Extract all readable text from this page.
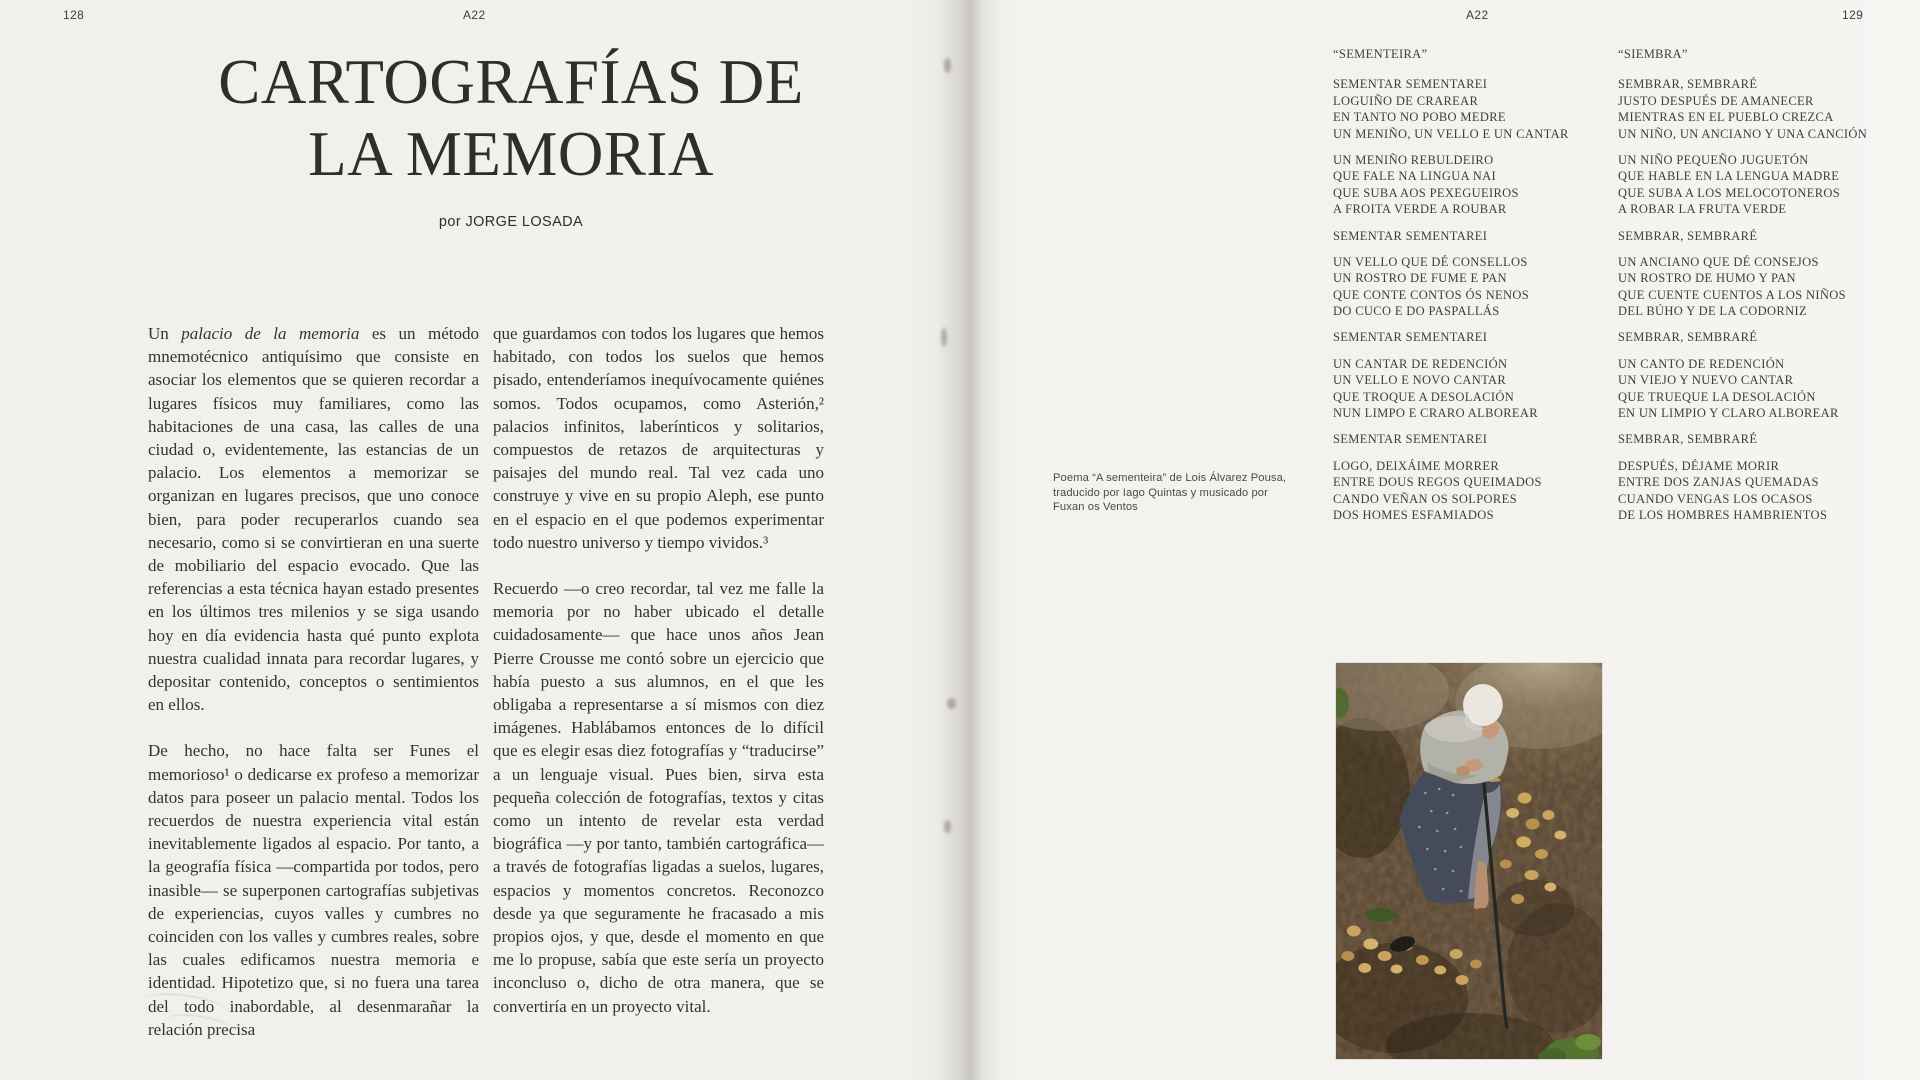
128	A22
CARTOGRAFÍAS DE
LA MEMORIA
por JORGE LOSADA

Un palacio de la memoria es un método mnemotécnico antiquísimo que consiste en asociar los elementos que se quieren recordar a lugares físicos muy familiares, como las habitaciones de una casa, las calles de una ciudad o, evidentemente, las estancias de un palacio. Los elementos a memorizar se organizan en lugares precisos, que uno conoce bien, para poder recuperarlos cuando sea necesario, como si se convirtieran en una suerte de mobiliario del espacio evocado. Que las referencias a esta técnica hayan estado presentes en los últimos tres milenios y se siga usando hoy en día evidencia hasta qué punto explota nuestra cualidad innata para recordar lugares, y depositar contenido, conceptos o sentimientos en ellos.

De hecho, no hace falta ser Funes el memorioso¹ o dedicarse ex profeso a memorizar datos para poseer un palacio mental. Todos los recuerdos de nuestra experiencia vital están inevitablemente ligados al espacio. Por tanto, a la geografía física —compartida por todos, pero inasible— se superponen cartografías subjetivas de experiencias, cuyos valles y cumbres no coinciden con los valles y cumbres reales, sobre las cuales edificamos nuestra memoria e identidad. Hipotetizo que, si no fuera una tarea del todo inabordable, al desenmarañar la relación precisa

que guardamos con todos los lugares que hemos habitado, con todos los suelos que hemos pisado, entenderíamos inequívocamente quiénes somos. Todos ocupamos, como Asterión,² palacios infinitos, laberínticos y solitarios, compuestos de retazos de arquitecturas y paisajes del mundo real. Tal vez cada uno construye y vive en su propio Aleph, ese punto en el espacio en el que podemos experimentar todo nuestro universo y tiempo vividos.³

Recuerdo —o creo recordar, tal vez me falle la memoria por no haber ubicado el detalle cuidadosamente— que hace unos años Jean Pierre Crousse me contó sobre un ejercicio que había puesto a sus alumnos, en el que les obligaba a representarse a sí mismos con diez imágenes. Hablábamos entonces de lo difícil que es elegir esas diez fotografías y “traducirse” a un lenguaje visual. Pues bien, sirva esta pequeña colección de fotografías, textos y citas como un intento de revelar esta verdad biográfica —y por tanto, también cartográfica— a través de fotografías ligadas a suelos, lugares, espacios y momentos concretos. Reconozco desde ya que seguramente he fracasado a mis propios ojos, y que, desde el momento en que me lo propuse, sabía que este sería un proyecto inconcluso o, dicho de otra manera, que se convertiría en un proyecto vital.

A22	129
“SEMENTEIRA”
SEMENTAR SEMENTAREI
LOGUIÑO DE CRAREAR
EN TANTO NO POBO MEDRE
UN MENIÑO, UN VELLO E UN CANTAR
UN MENIÑO REBULDEIRO
QUE FALE NA LINGUA NAI
QUE SUBA AOS PEXEGUEIROS
A FROITA VERDE A ROUBAR
SEMENTAR SEMENTAREI
UN VELLO QUE DÉ CONSELLOS
UN ROSTRO DE FUME E PAN
QUE CONTE CONTOS ÓS NENOS
DO CUCO E DO PASPALLÁS
SEMENTAR SEMENTAREI
UN CANTAR DE REDENCIÓN
UN VELLO E NOVO CANTAR
QUE TROQUE A DESOLACIÓN
NUN LIMPO E CRARO ALBOREAR
SEMENTAR SEMENTAREI
LOGO, DEIXÁIME MORRER
ENTRE DOUS REGOS QUEIMADOS
CANDO VEÑAN OS SOLPORES
DOS HOMES ESFAMIADOS
“SIEMBRA”
SEMBRAR, SEMBRARÉ
JUSTO DESPUÉS DE AMANECER
MIENTRAS EN EL PUEBLO CREZCA
UN NIÑO, UN ANCIANO Y UNA CANCIÓN
UN NIÑO PEQUEÑO JUGUETÓN
QUE HABLE EN LA LENGUA MADRE
QUE SUBA A LOS MELOCOTONEROS
A ROBAR LA FRUTA VERDE
SEMBRAR, SEMBRARÉ
UN ANCIANO QUE DÉ CONSEJOS
UN ROSTRO DE HUMO Y PAN
QUE CUENTE CUENTOS A LOS NIÑOS
DEL BÚHO Y DE LA CODORNIZ
SEMBRAR, SEMBRARÉ
UN CANTO DE REDENCIÓN
UN VIEJO Y NUEVO CANTAR
QUE TRUEQUE LA DESOLACIÓN
EN UN LIMPIO Y CLARO ALBOREAR
SEMBRAR, SEMBRARÉ
DESPUÉS, DÉJAME MORIR
ENTRE DOS ZANJAS QUEMADAS
CUANDO VENGAS LOS OCASOS
DE LOS HOMBRES HAMBRIENTOS
Poema “A sementeira” de Lois Álvarez Pousa,
traducido por Iago Quintas y musicado por
Fuxan os Ventos
